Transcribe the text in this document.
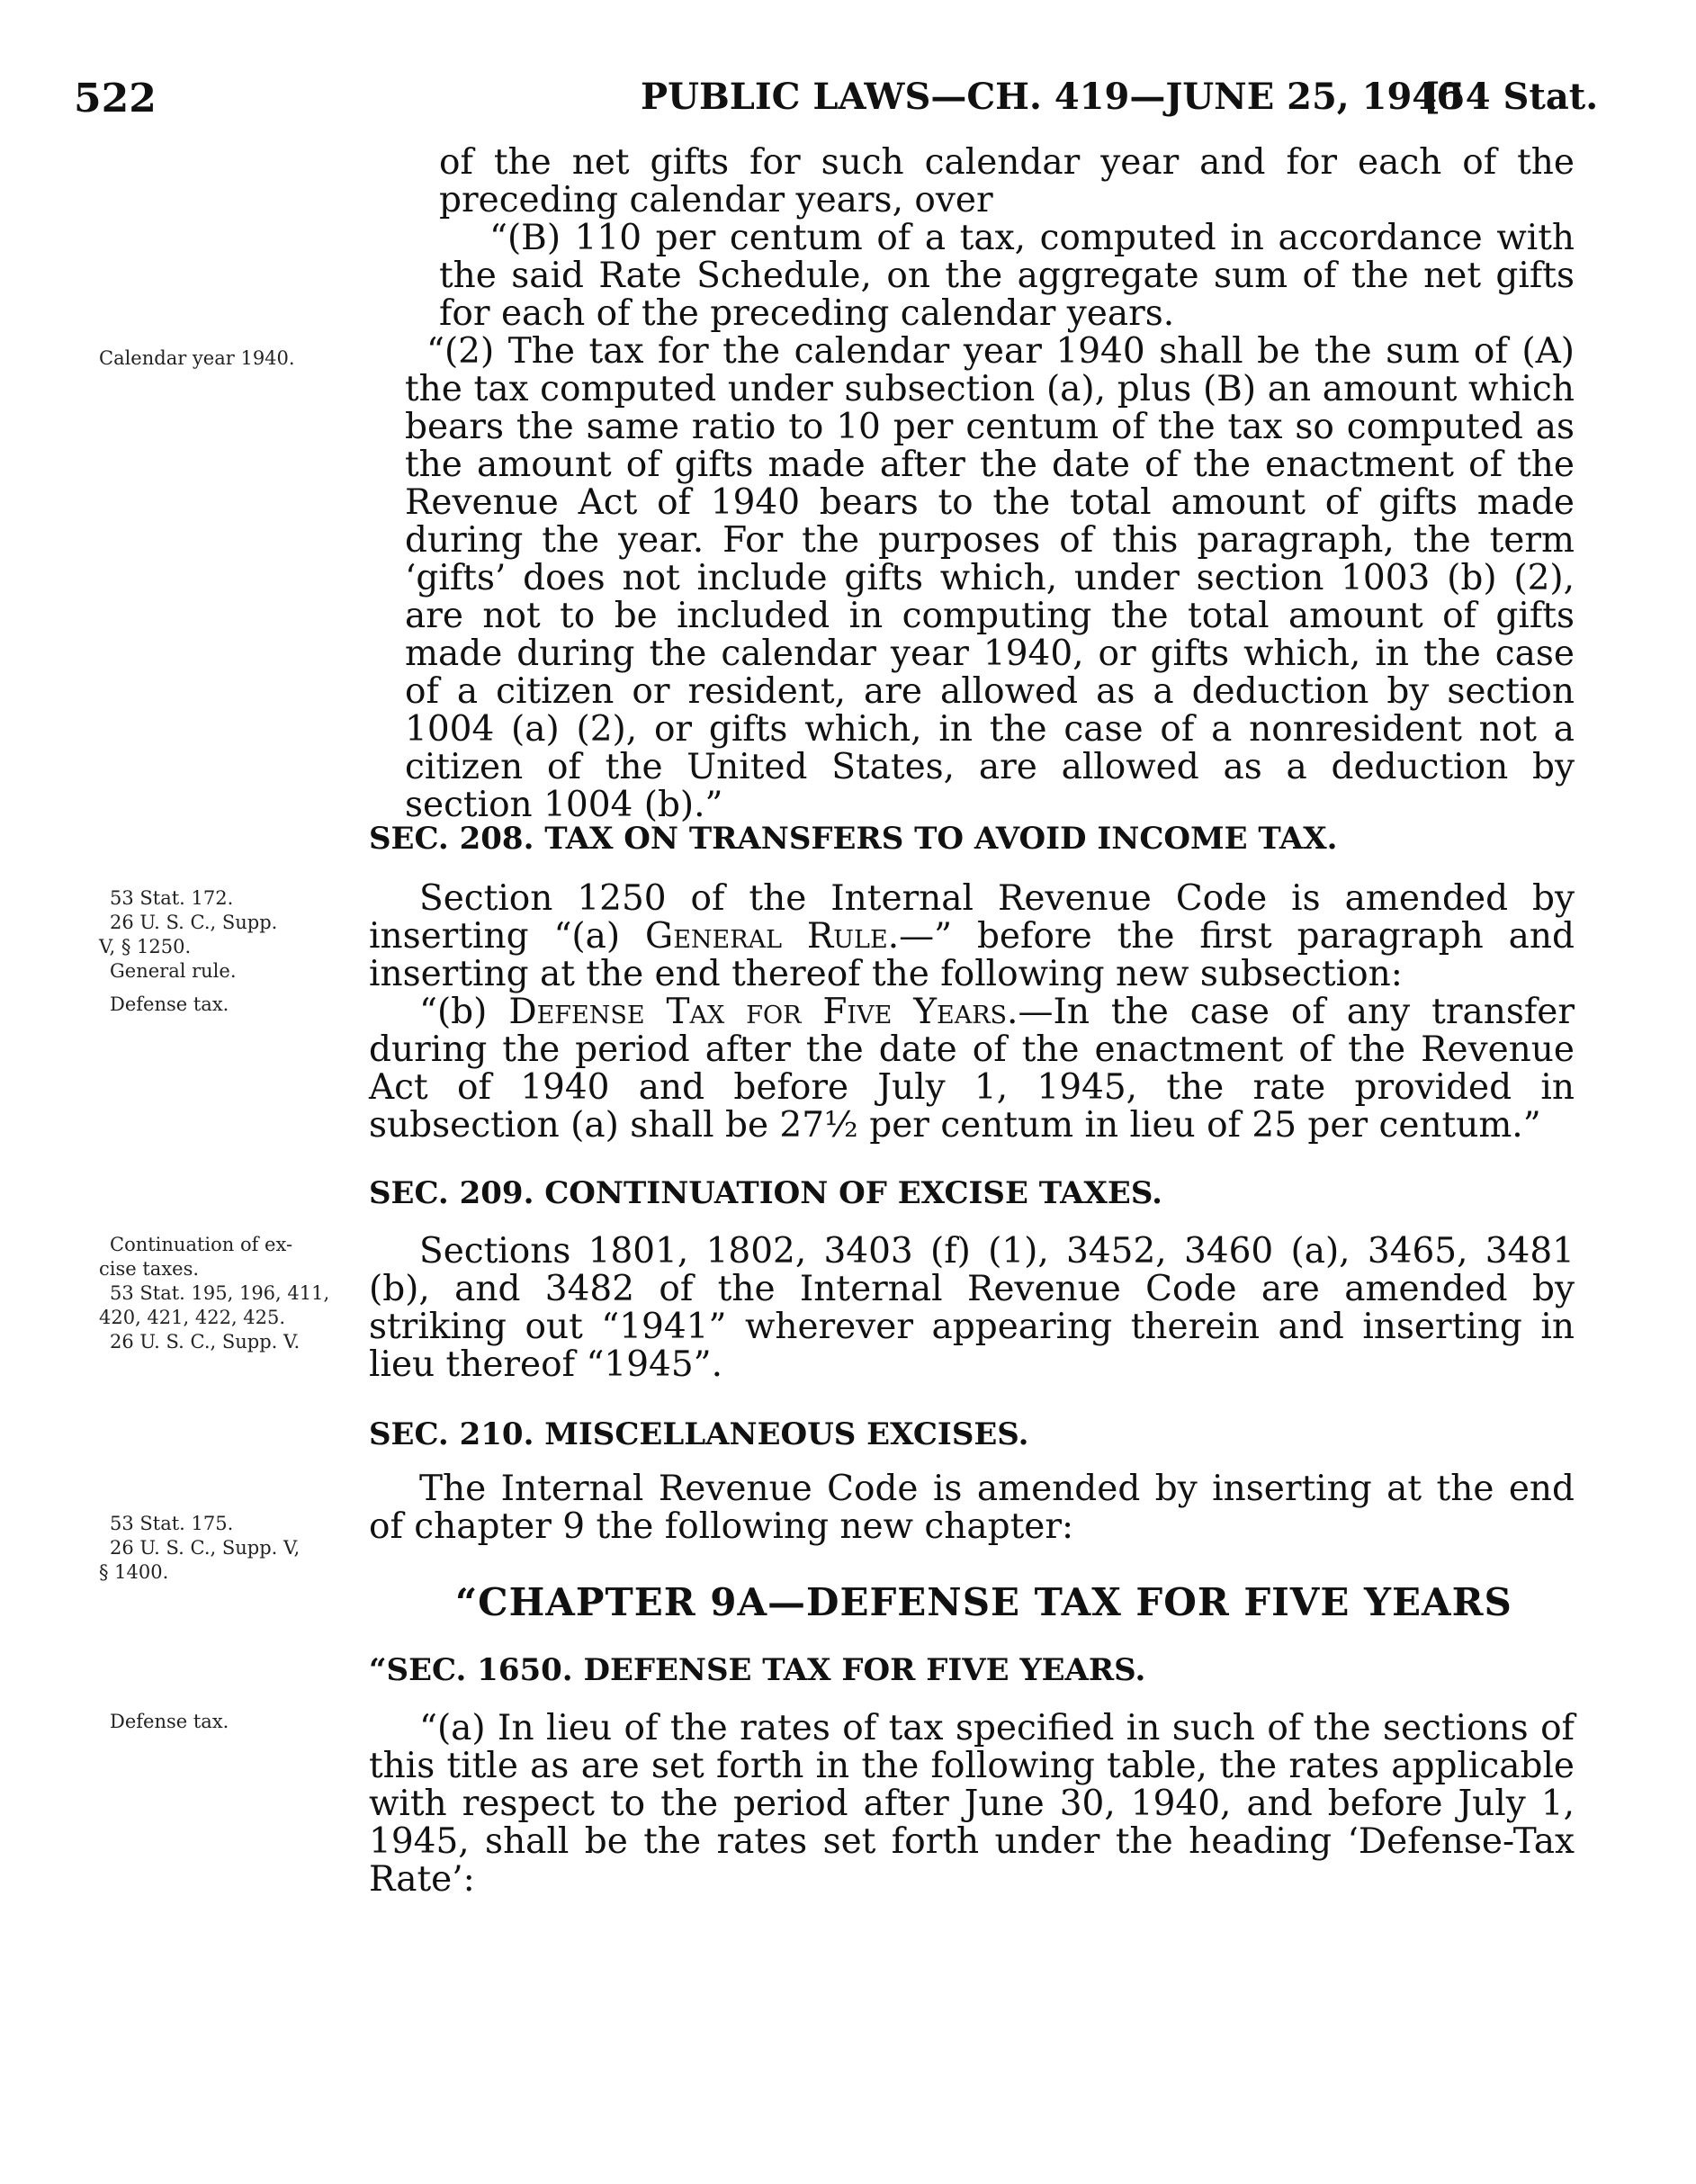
522	PUBLIC LAWS—CH. 419—JUNE 25, 1940
[54 Stat.

of the net gifts for such calendar year and for each of the preceding calendar years, over

“(B) 110 per centum of a tax, computed in accordance with the said Rate Schedule, on the aggregate sum of the net gifts for each of the preceding calendar years.

“(2) The tax for the calendar year 1940 shall be the sum of (A) the tax computed under subsection (a), plus (B) an amount which bears the same ratio to 10 per centum of the tax so computed as the amount of gifts made after the date of the enactment of the Revenue Act of 1940 bears to the total amount of gifts made during the year. For the purposes of this paragraph, the term ‘gifts’ does not include gifts which, under section 1003 (b) (2), are not to be included in computing the total amount of gifts made during the calendar year 1940, or gifts which, in the case of a citizen or resident, are allowed as a deduction by section 1004 (a) (2), or gifts which, in the case of a nonresident not a citizen of the United States, are allowed as a deduction by section 1004 (b).”

Calendar year 1940.
SEC. 208. TAX ON TRANSFERS TO AVOID INCOME TAX.
53 Stat. 172.
26 U. S. C., Supp.
V, § 1250.
General rule.
Defense tax.

Section 1250 of the Internal Revenue Code is amended by inserting “(a) General Rule.—” before the first paragraph and inserting at the end thereof the following new subsection:

“(b) Defense Tax for Five Years.—In the case of any transfer during the period after the date of the enactment of the Revenue Act of 1940 and before July 1, 1945, the rate provided in subsection (a) shall be 27½ per centum in lieu of 25 per centum.”

SEC. 209. CONTINUATION OF EXCISE TAXES.
Continuation of ex-
cise taxes.
53 Stat. 195, 196, 411,
420, 421, 422, 425.
26 U. S. C., Supp. V.

Sections 1801, 1802, 3403 (f) (1), 3452, 3460 (a), 3465, 3481 (b), and 3482 of the Internal Revenue Code are amended by striking out “1941” wherever appearing therein and inserting in lieu thereof “1945”.

SEC. 210. MISCELLANEOUS EXCISES.
53 Stat. 175.
26 U. S. C., Supp. V,
§ 1400.

The Internal Revenue Code is amended by inserting at the end of chapter 9 the following new chapter:

“CHAPTER 9A—DEFENSE TAX FOR FIVE YEARS
“SEC. 1650. DEFENSE TAX FOR FIVE YEARS.
Defense tax.	“(a) In lieu of the rates of tax specified in such of the sections of this title as are set forth in the following table, the rates applicable with respect to the period after June 30, 1940, and before July 1, 1945, shall be the rates set forth under the heading ‘Defense-Tax Rate’:
